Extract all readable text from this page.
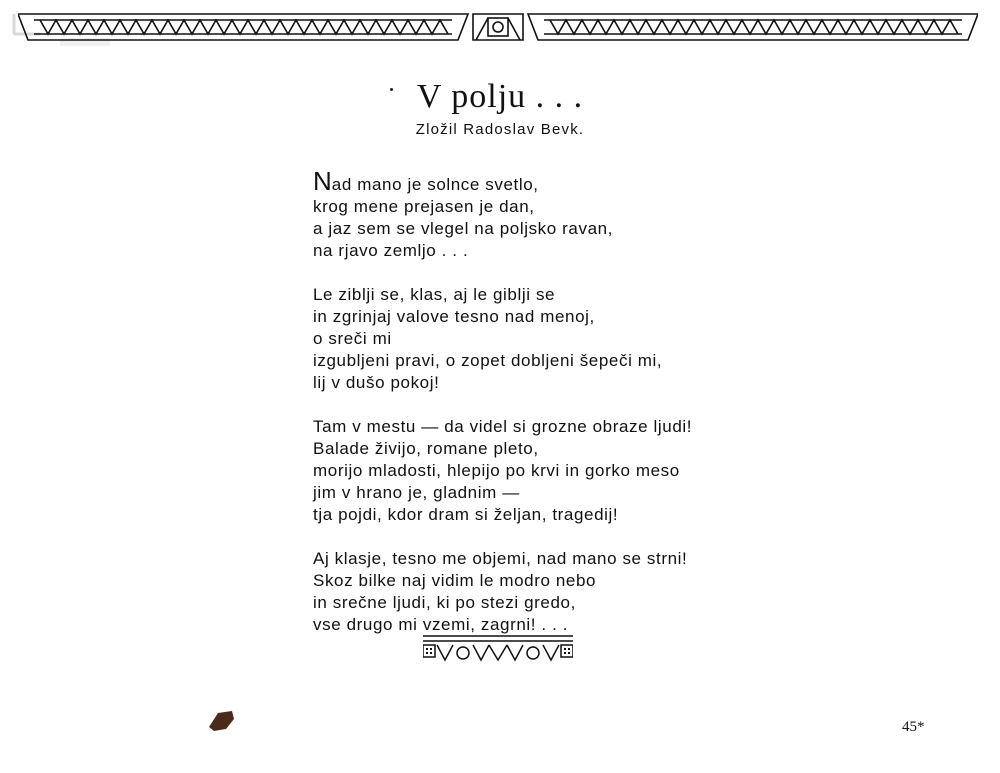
V polju . . .
Zložil Radoslav Bevk.
Nad mano je solnce svetlo,
krog mene prejasen je dan,
a jaz sem se vlegel na poljsko ravan,
na rjavo zemljo . . .
Le ziblji se, klas, aj le giblji se
in zgrinjaj valove tesno nad menoj,
o sreči mi
izgubljeni pravi, o zopet dobljeni šepeči mi,
lij v dušo pokoj!
Tam v mestu — da videl si grozne obraze ljudi!
Balade živijo, romane pleto,
morijo mladosti, hlepijo po krvi in gorko meso
jim v hrano je, gladnim —
tja pojdi, kdor dram si željan, tragedij!
Aj klasje, tesno me objemi, nad mano se strni!
Skoz bilke naj vidim le modro nebo
in srečne ljudi, ki po stezi gredo,
vse drugo mi vzemi, zagrni! . . .
45*
